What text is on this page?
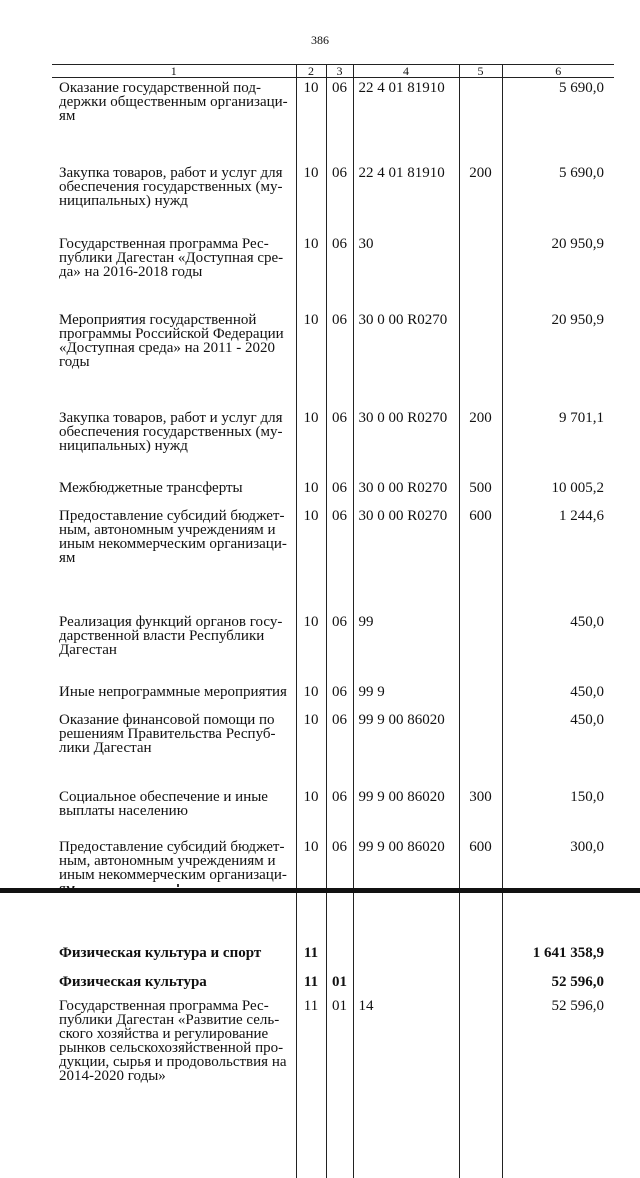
386
1	2	3	4	5	6
Оказание государственной под-держки общественным организаци-ям	10	06	22 4 01 81910		5 690,0
Закупка товаров, работ и услуг для обеспечения государственных (му-ниципальных) нужд	10	06	22 4 01 81910	200	5 690,0
Государственная программа Рес-публики Дагестан «Доступная сре-да» на 2016-2018 годы	10	06	30		20 950,9
Мероприятия государственной программы Российской Федерации «Доступная среда» на 2011 - 2020 годы	10	06	30 0 00 R0270		20 950,9
Закупка товаров, работ и услуг для обеспечения государственных (му-ниципальных) нужд	10	06	30 0 00 R0270	200	9 701,1
Межбюджетные трансферты	10	06	30 0 00 R0270	500	10 005,2
Предоставление субсидий бюджет-ным, автономным учреждениям и иным некоммерческим организаци-ям	10	06	30 0 00 R0270	600	1 244,6
Реализация функций органов госу-дарственной власти Республики Дагестан	10	06	99		450,0
Иные непрограммные мероприятия	10	06	99 9		450,0
Оказание финансовой помощи по решениям Правительства Респуб-лики Дагестан	10	06	99 9 00 86020		450,0
Социальное обеспечение и иные выплаты населению	10	06	99 9 00 86020	300	150,0
Предоставление субсидий бюджет-ным, автономным учреждениям и иным некоммерческим организаци-	10	06	99 9 00 86020	600	300,0
Физическая культура и спорт	11				1 641 358,9
Физическая культура	11	01			52 596,0
Государственная программа Рес-публики Дагестан «Развитие сель-ского хозяйства и регулирование рынков сельскохозяйственной про-дукции, сырья и продовольствия на 2014-2020 годы»	11	01	14		52 596,0
